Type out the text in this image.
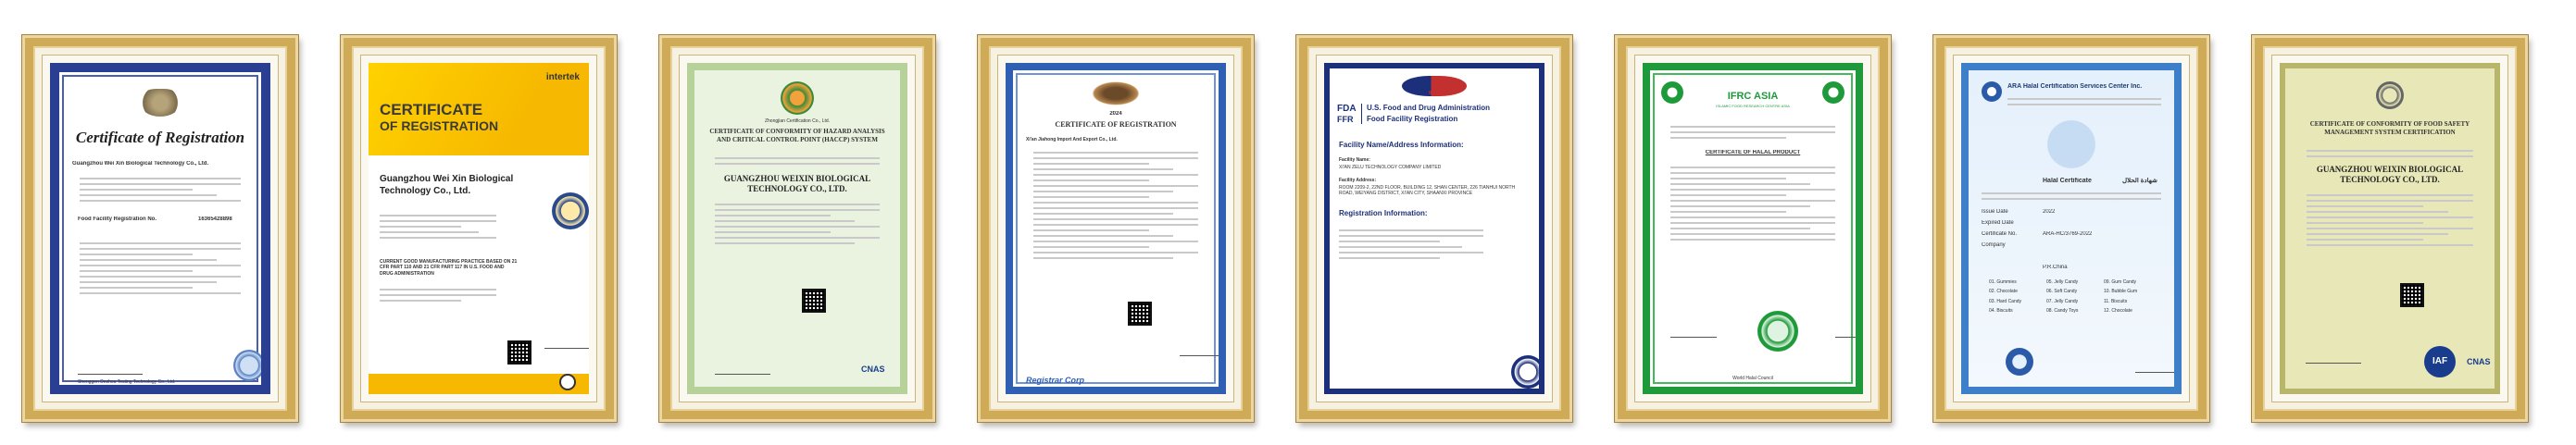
Certificate of Registration
Guangzhou Wei Xin Biological Technology Co., Ltd.
Food Facility Registration No.	16365428898
Shenggen Dezhou Testing Technology Co., Ltd.
intertek
CERTIFICATE
OF REGISTRATION
Guangzhou Wei Xin Biological Technology Co., Ltd.
CURRENT GOOD MANUFACTURING PRACTICE BASED ON 21 CFR PART 110 AND 21 CFR PART 117 IN U.S. FOOD AND DRUG ADMINISTRATION
Zhongjian Certification Co., Ltd.
CERTIFICATE OF CONFORMITY OF HAZARD ANALYSIS AND CRITICAL CONTROL POINT (HACCP) SYSTEM
GUANGZHOU WEIXIN BIOLOGICAL TECHNOLOGY CO., LTD.
CNAS
2024
CERTIFICATE OF REGISTRATION
Xi'an Jiahong Import And Export Co., Ltd.
Registrar Corp
IFRC
FDA
FFR
U.S. Food and Drug Administration
Food Facility Registration
Facility Name/Address Information:
Facility Name:
XI'AN ZELU TECHNOLOGY COMPANY LIMITED
Facility Address:
ROOM 2209-2, 22ND FLOOR, BUILDING 12, SHAN CENTER, 226 TIANHUI NORTH ROAD, WEIYANG DISTRICT, XI'AN CITY, SHAANXI PROVINCE
Registration Information:
IFRC ASIA
ISLAMIC FOOD RESEARCH CENTRE ASIA
CERTIFICATE OF HALAL PRODUCT
World Halal Council
ARA Halal Certification Services Center Inc.
Halal Certificate	شهادة الحلال
Issue Date	2022
Expired Date
Certificate No.	ARA-HC/3769-2022
Company
P.R.China
01. Gummies	05. Jelly Candy	09. Gum Candy
02. Chocolate	06. Soft Candy	10. Bubble Gum
03. Hard Candy	07. Jelly Candy	11. Biscuits
04. Biscuits	08. Candy Toys	12. Chocolate
CERTIFICATE OF CONFORMITY OF FOOD SAFETY MANAGEMENT SYSTEM CERTIFICATION
GUANGZHOU WEIXIN BIOLOGICAL TECHNOLOGY CO., LTD.
IAF	CNAS
